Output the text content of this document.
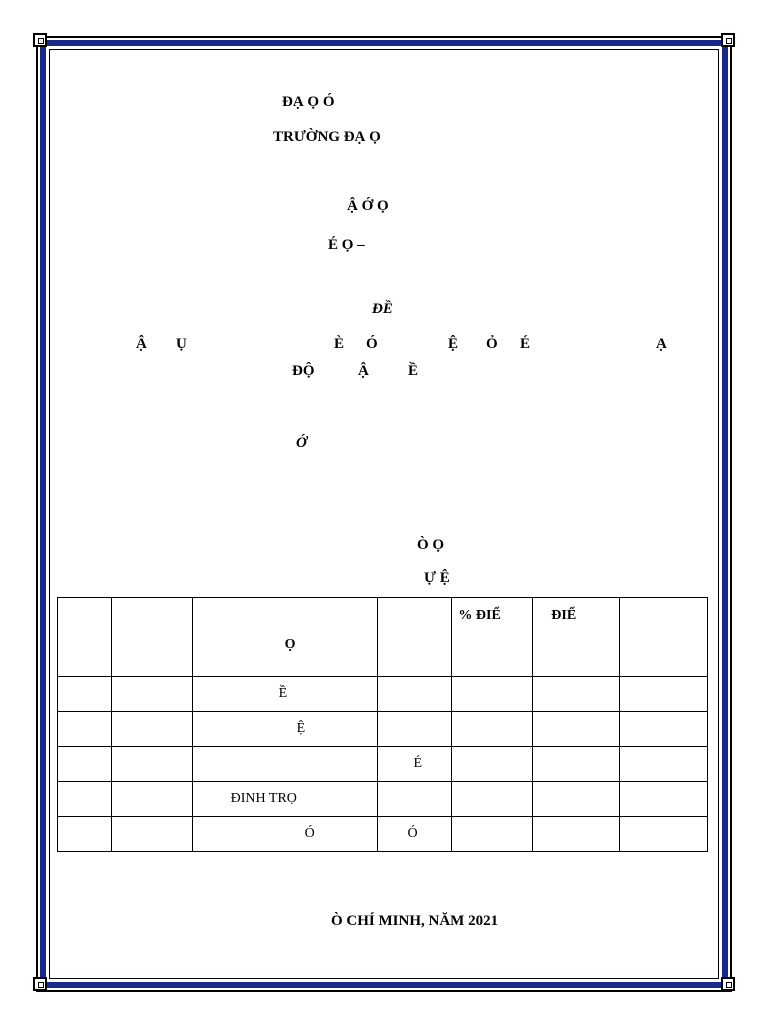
ĐẠ Ọ Ó
TRƯỜNG ĐẠ Ọ
Ậ Ớ Ọ
É Ọ –
ĐỀ
Ậ Ụ	È Ó	Ệ Ỏ É	Ạ
ĐỘ	Ậ	Ề
Ớ
Ò Ọ
Ự Ệ
		Ọ		% ĐIỂ	ĐIỂ	
		Ề				
		Ệ				
			É			
		ĐINH TRỌ				
		Ó	Ó			
Ò CHÍ MINH, NĂM 2021
